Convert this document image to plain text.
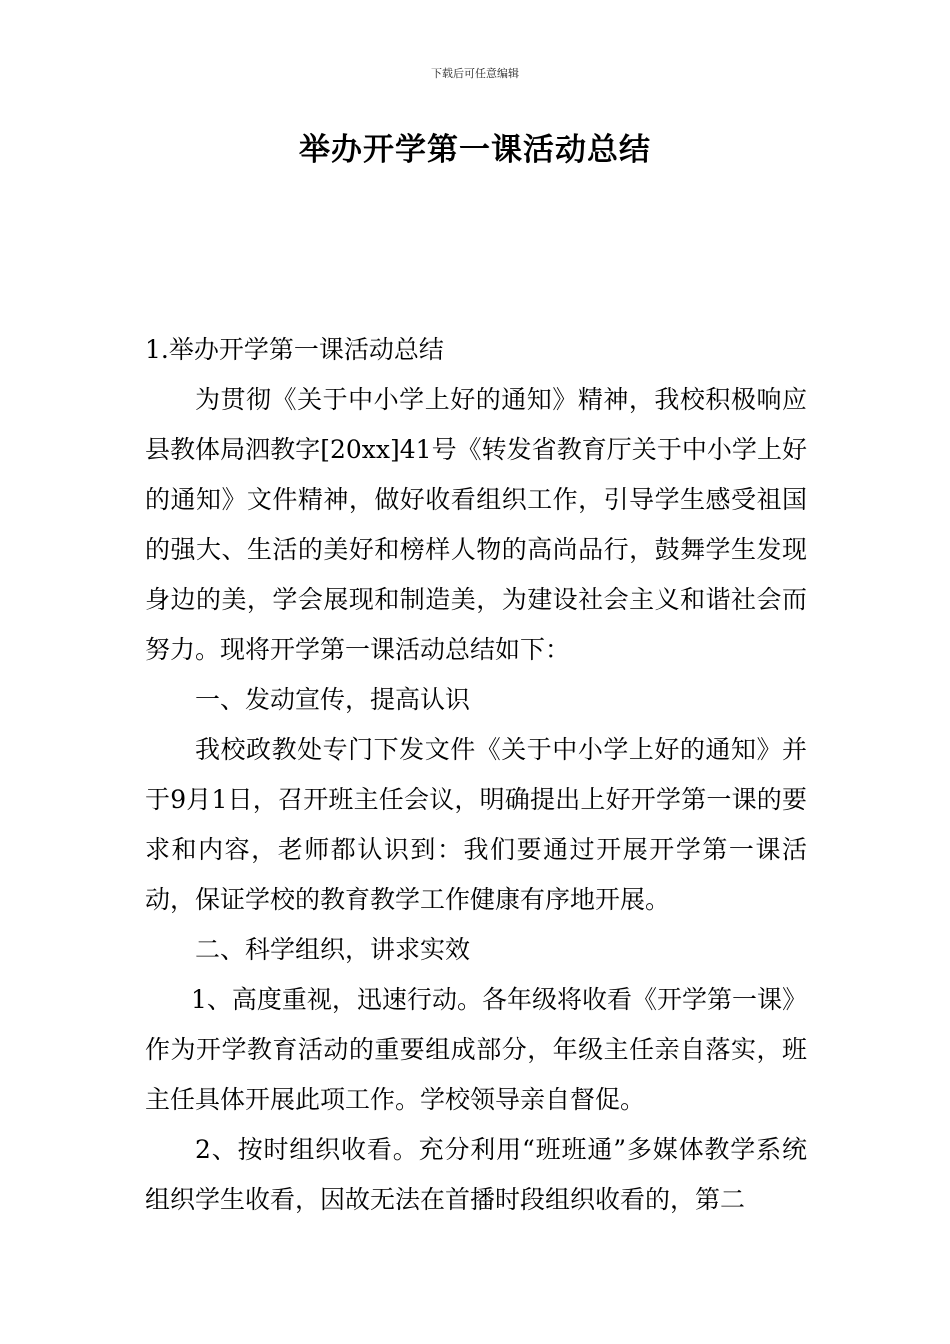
下载后可任意编辑
举办开学第一课活动总结

1.举办开学第一课活动总结

为贯彻《关于中小学上好的通知》精神，我校积极响应县教体局泗教字[20xx]41号《转发省教育厅关于中小学上好的通知》文件精神，做好收看组织工作，引导学生感受祖国的强大、生活的美好和榜样人物的高尚品行，鼓舞学生发现身边的美，学会展现和制造美，为建设社会主义和谐社会而努力。现将开学第一课活动总结如下：

一、发动宣传，提高认识

我校政教处专门下发文件《关于中小学上好的通知》并于9月1日，召开班主任会议，明确提出上好开学第一课的要求和内容，老师都认识到：我们要通过开展开学第一课活动，保证学校的教育教学工作健康有序地开展。

二、科学组织，讲求实效

1、高度重视，迅速行动。各年级将收看《开学第一课》作为开学教育活动的重要组成部分，年级主任亲自落实，班主任具体开展此项工作。学校领导亲自督促。

2、按时组织收看。充分利用“班班通”多媒体教学系统组织学生收看，因故无法在首播时段组织收看的，第二
